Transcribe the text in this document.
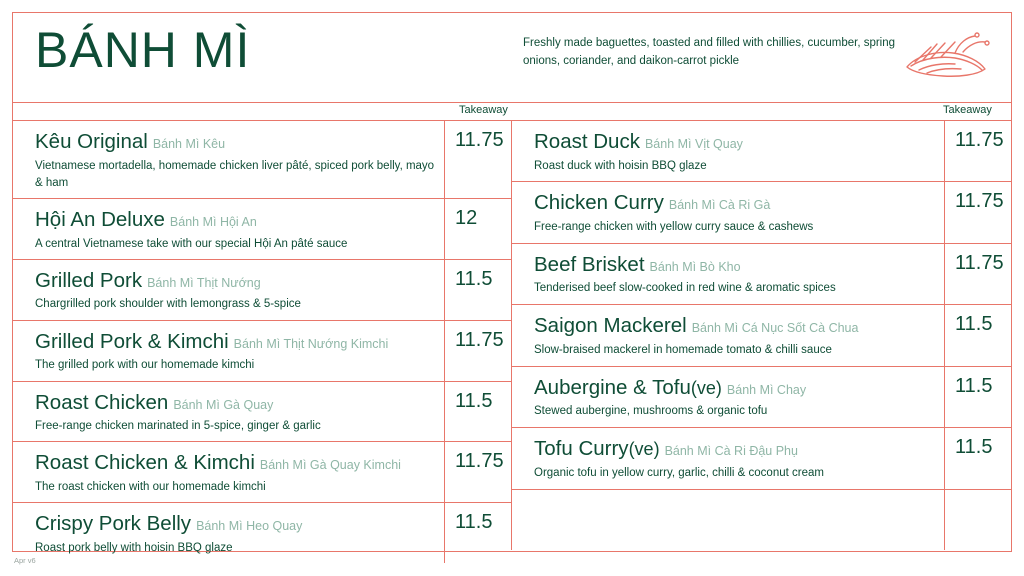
BÁNH MÌ	Freshly made baguettes, toasted and filled with chillies, cucumber, spring onions, coriander, and daikon-carrot pickle
Takeaway	Takeaway
Kêu Original Bánh Mì Kêu
Vietnamese mortadella, homemade chicken liver pâté, spiced pork belly, mayo & ham
11.75
Hội An Deluxe Bánh Mì Hội An
A central Vietnamese take with our special Hội An pâté sauce
12
Grilled Pork Bánh Mì Thịt Nướng
Chargrilled pork shoulder with lemongrass & 5-spice
11.5
Grilled Pork & Kimchi Bánh Mì Thịt Nướng Kimchi
The grilled pork with our homemade kimchi
11.75
Roast Chicken Bánh Mì Gà Quay
Free-range chicken marinated in 5-spice, ginger & garlic
11.5
Roast Chicken & Kimchi Bánh Mì Gà Quay Kimchi
The roast chicken with our homemade kimchi
11.75
Crispy Pork Belly Bánh Mì Heo Quay
Roast pork belly with hoisin BBQ glaze
11.5
Roast Duck Bánh Mì Vịt Quay
Roast duck with hoisin BBQ glaze
11.75
Chicken Curry Bánh Mì Cà Ri Gà
Free-range chicken with yellow curry sauce & cashews
11.75
Beef Brisket Bánh Mì Bò Kho
Tenderised beef slow-cooked in red wine & aromatic spices
11.75
Saigon Mackerel Bánh Mì Cá Nục Sốt Cà Chua
Slow-braised mackerel in homemade tomato & chilli sauce
11.5
Aubergine & Tofu(ve) Bánh Mì Chay
Stewed aubergine, mushrooms & organic tofu
11.5
Tofu Curry(ve) Bánh Mì Cà Ri Đậu Phụ
Organic tofu in yellow curry, garlic, chilli & coconut cream
11.5
Apr v6
